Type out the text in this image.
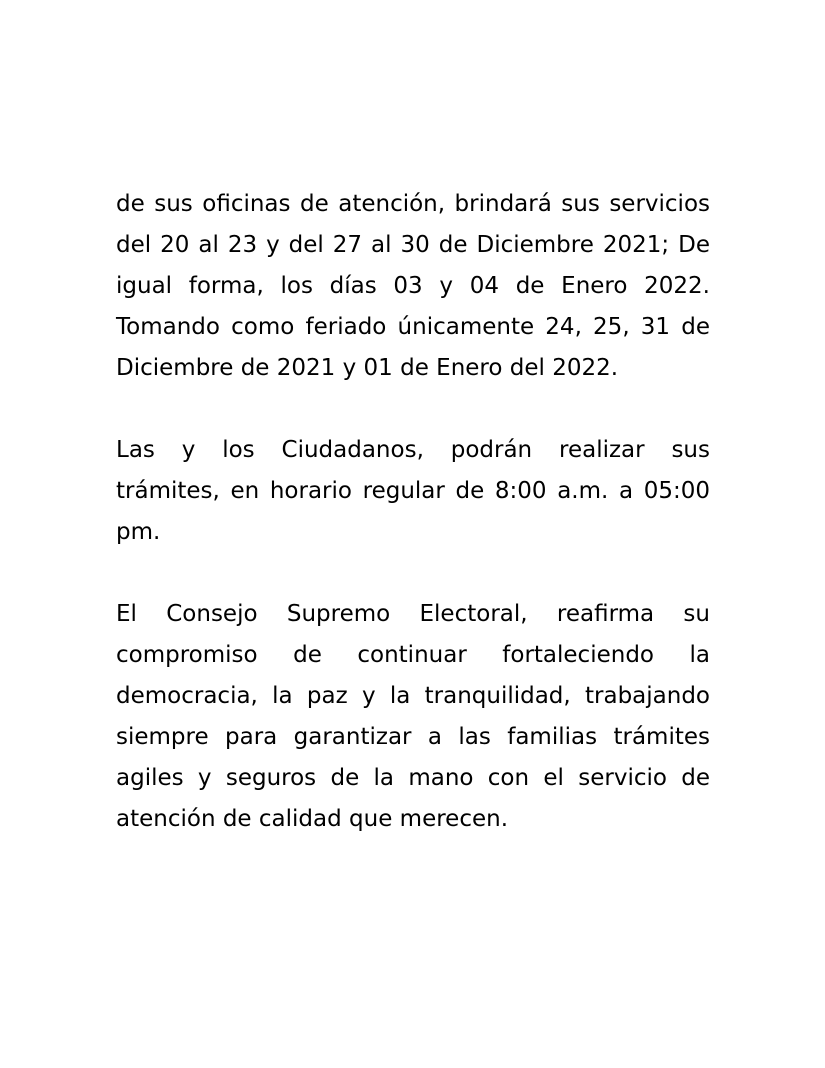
de sus oficinas de atención, brindará sus servicios
del 20 al 23 y del 27 al 30 de Diciembre 2021; De
igual forma, los días 03 y 04 de Enero 2022.
Tomando como feriado únicamente 24, 25, 31 de
Diciembre de 2021 y 01 de Enero del 2022.

Las y los Ciudadanos, podrán realizar sus
trámites, en horario regular de 8:00 a.m. a 05:00
pm.

El Consejo Supremo Electoral, reafirma su
compromiso de continuar fortaleciendo la
democracia, la paz y la tranquilidad, trabajando
siempre para garantizar a las familias trámites
agiles y seguros de la mano con el servicio de
atención de calidad que merecen.
